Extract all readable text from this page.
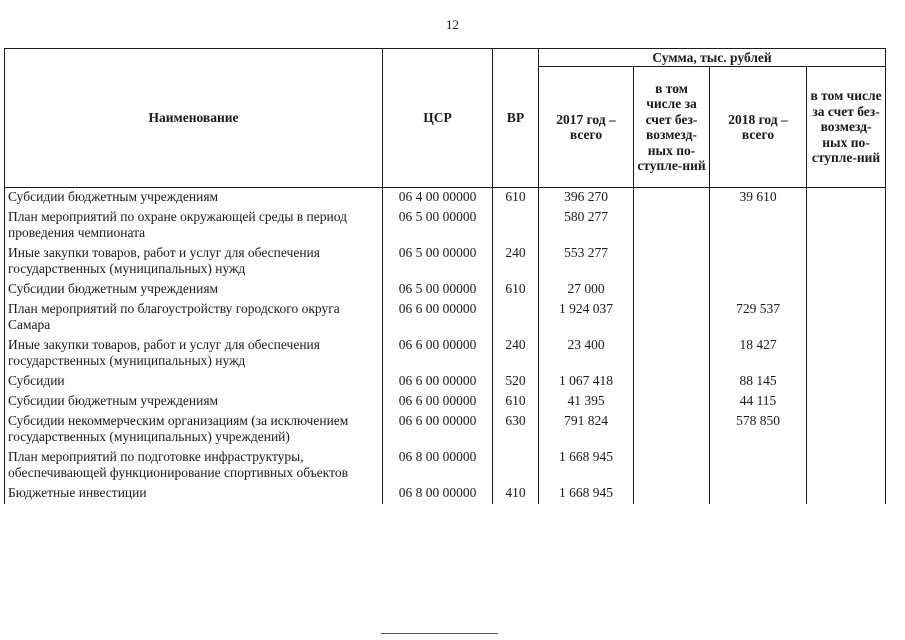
12
Наименование	ЦСР	ВР	Сумма, тыс. рублей			
			2017 год – всего	в том числе за счет без-возмезд-ных по-ступле-ний	2018 год – всего	в том числе за счет без-возмезд-ных по-ступле-ний
Субсидии бюджетным учреждениям	06 4 00 00000	610	396 270		39 610	
План мероприятий по охране окружающей среды в период проведения чемпионата	06 5 00 00000		580 277			
Иные закупки товаров, работ и услуг для обеспечения государственных (муниципальных) нужд	06 5 00 00000	240	553 277			
Субсидии бюджетным учреждениям	06 5 00 00000	610	27 000			
План мероприятий по благоустройству городского округа Самара	06 6 00 00000		1 924 037		729 537	
Иные закупки товаров, работ и услуг для обеспечения государственных (муниципальных) нужд	06 6 00 00000	240	23 400		18 427	
Субсидии	06 6 00 00000	520	1 067 418		88 145	
Субсидии бюджетным учреждениям	06 6 00 00000	610	41 395		44 115	
Субсидии некоммерческим организациям (за исключением государственных (муниципальных) учреждений)	06 6 00 00000	630	791 824		578 850	
План мероприятий по подготовке инфраструктуры, обеспечивающей функционирование спортивных объектов	06 8 00 00000		1 668 945			
Бюджетные инвестиции	06 8 00 00000	410	1 668 945			
